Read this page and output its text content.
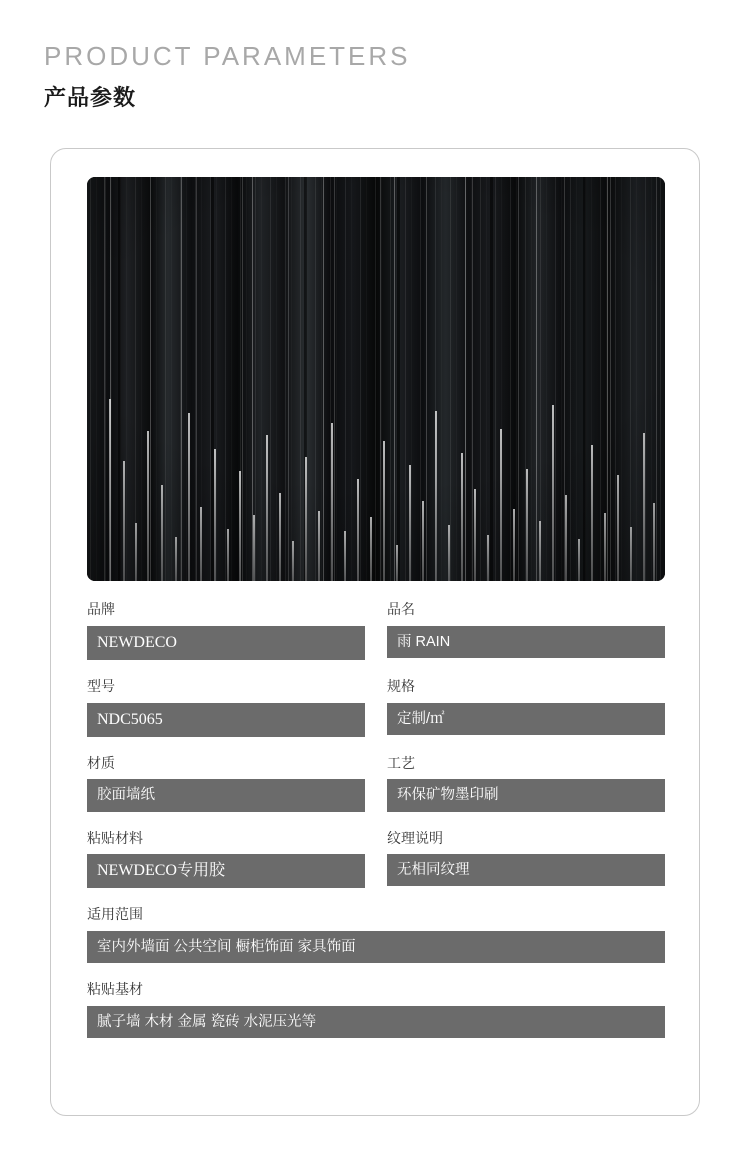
PRODUCT PARAMETERS
产品参数
品牌
NEWDECO
品名
雨 RAIN
型号
NDC5065
规格
定制/㎡
材质
胶面墙纸
工艺
环保矿物墨印刷
粘贴材料
NEWDECO专用胶
纹理说明
无相同纹理
适用范围
室内外墙面 公共空间 橱柜饰面 家具饰面
粘贴基材
腻子墙 木材 金属 瓷砖 水泥压光等
